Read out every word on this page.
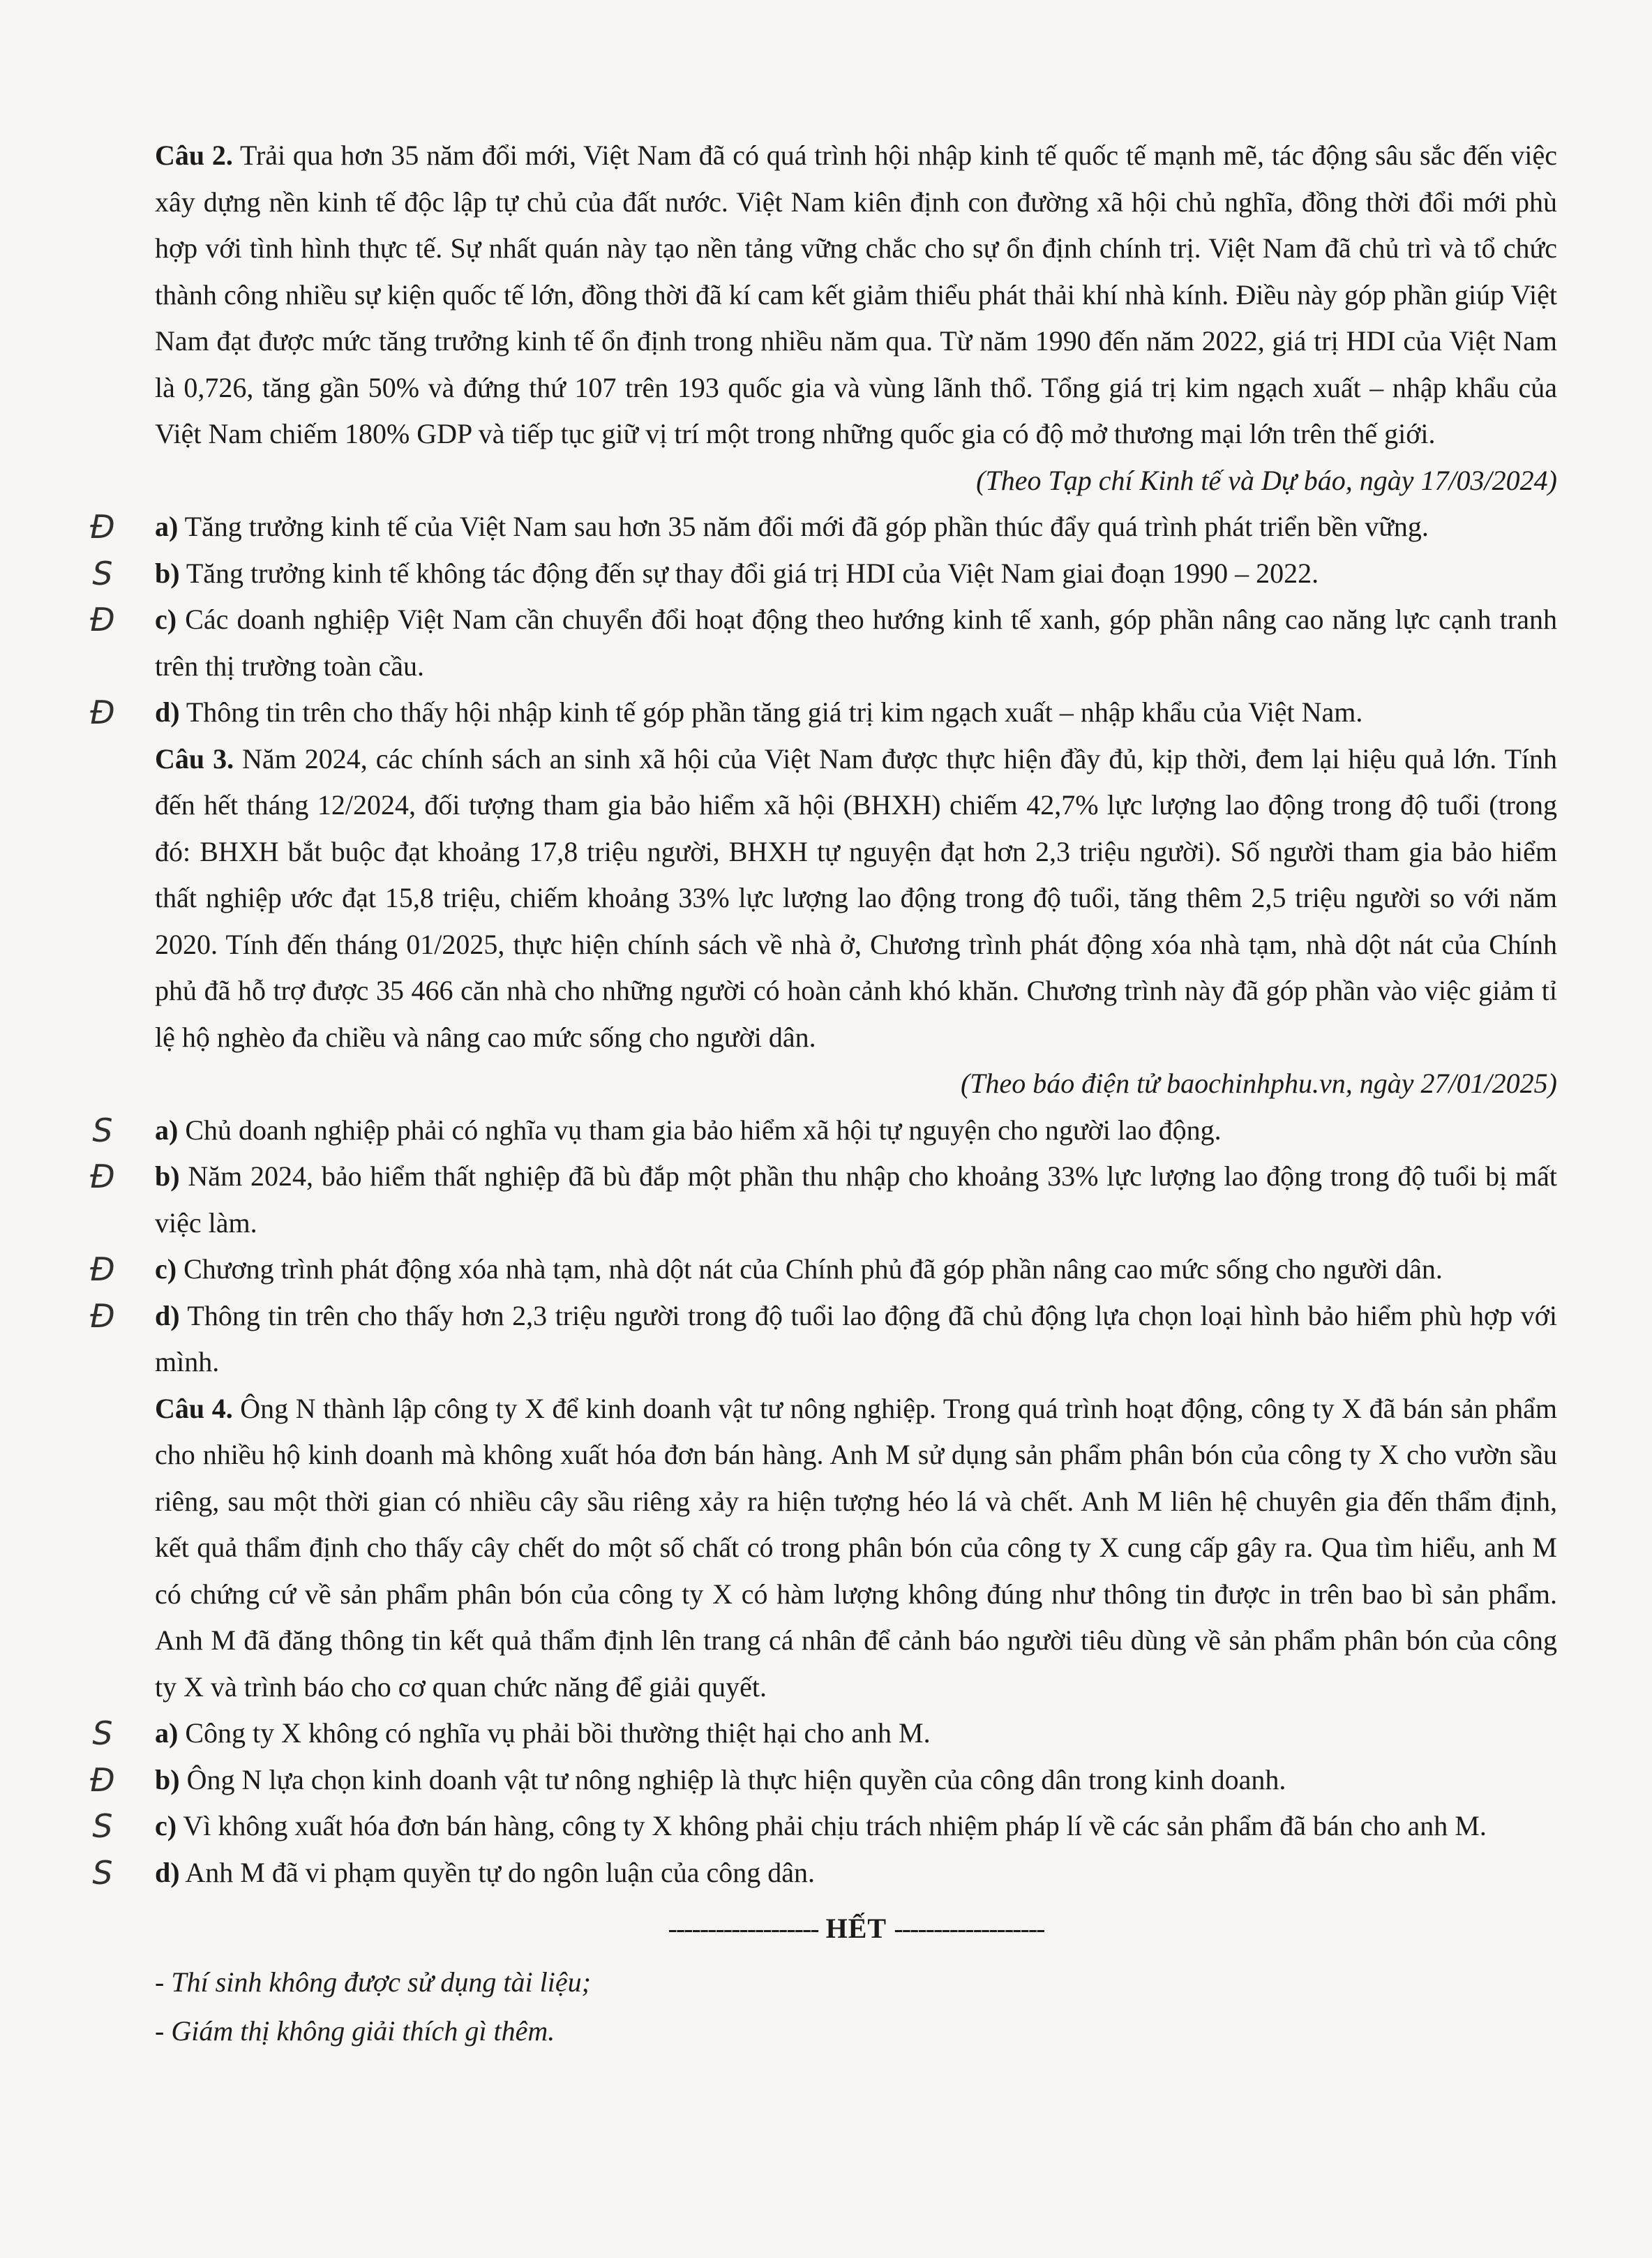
Câu 2. Trải qua hơn 35 năm đổi mới, Việt Nam đã có quá trình hội nhập kinh tế quốc tế mạnh mẽ, tác động sâu sắc đến việc xây dựng nền kinh tế độc lập tự chủ của đất nước. Việt Nam kiên định con đường xã hội chủ nghĩa, đồng thời đổi mới phù hợp với tình hình thực tế. Sự nhất quán này tạo nền tảng vững chắc cho sự ổn định chính trị. Việt Nam đã chủ trì và tổ chức thành công nhiều sự kiện quốc tế lớn, đồng thời đã kí cam kết giảm thiểu phát thải khí nhà kính. Điều này góp phần giúp Việt Nam đạt được mức tăng trưởng kinh tế ổn định trong nhiều năm qua. Từ năm 1990 đến năm 2022, giá trị HDI của Việt Nam là 0,726, tăng gần 50% và đứng thứ 107 trên 193 quốc gia và vùng lãnh thổ. Tổng giá trị kim ngạch xuất – nhập khẩu của Việt Nam chiếm 180% GDP và tiếp tục giữ vị trí một trong những quốc gia có độ mở thương mại lớn trên thế giới.

(Theo Tạp chí Kinh tế và Dự báo, ngày 17/03/2024)

Đ	a) Tăng trưởng kinh tế của Việt Nam sau hơn 35 năm đổi mới đã góp phần thúc đẩy quá trình phát triển bền vững.

S	b) Tăng trưởng kinh tế không tác động đến sự thay đổi giá trị HDI của Việt Nam giai đoạn 1990 – 2022.

Đ	c) Các doanh nghiệp Việt Nam cần chuyển đổi hoạt động theo hướng kinh tế xanh, góp phần nâng cao năng lực cạnh tranh trên thị trường toàn cầu.

Đ	d) Thông tin trên cho thấy hội nhập kinh tế góp phần tăng giá trị kim ngạch xuất – nhập khẩu của Việt Nam.

Câu 3. Năm 2024, các chính sách an sinh xã hội của Việt Nam được thực hiện đầy đủ, kịp thời, đem lại hiệu quả lớn. Tính đến hết tháng 12/2024, đối tượng tham gia bảo hiểm xã hội (BHXH) chiếm 42,7% lực lượng lao động trong độ tuổi (trong đó: BHXH bắt buộc đạt khoảng 17,8 triệu người, BHXH tự nguyện đạt hơn 2,3 triệu người). Số người tham gia bảo hiểm thất nghiệp ước đạt 15,8 triệu, chiếm khoảng 33% lực lượng lao động trong độ tuổi, tăng thêm 2,5 triệu người so với năm 2020. Tính đến tháng 01/2025, thực hiện chính sách về nhà ở, Chương trình phát động xóa nhà tạm, nhà dột nát của Chính phủ đã hỗ trợ được 35 466 căn nhà cho những người có hoàn cảnh khó khăn. Chương trình này đã góp phần vào việc giảm tỉ lệ hộ nghèo đa chiều và nâng cao mức sống cho người dân.

(Theo báo điện tử baochinhphu.vn, ngày 27/01/2025)

S	a) Chủ doanh nghiệp phải có nghĩa vụ tham gia bảo hiểm xã hội tự nguyện cho người lao động.

Đ	b) Năm 2024, bảo hiểm thất nghiệp đã bù đắp một phần thu nhập cho khoảng 33% lực lượng lao động trong độ tuổi bị mất việc làm.

Đ	c) Chương trình phát động xóa nhà tạm, nhà dột nát của Chính phủ đã góp phần nâng cao mức sống cho người dân.

Đ	d) Thông tin trên cho thấy hơn 2,3 triệu người trong độ tuổi lao động đã chủ động lựa chọn loại hình bảo hiểm phù hợp với mình.

Câu 4. Ông N thành lập công ty X để kinh doanh vật tư nông nghiệp. Trong quá trình hoạt động, công ty X đã bán sản phẩm cho nhiều hộ kinh doanh mà không xuất hóa đơn bán hàng. Anh M sử dụng sản phẩm phân bón của công ty X cho vườn sầu riêng, sau một thời gian có nhiều cây sầu riêng xảy ra hiện tượng héo lá và chết. Anh M liên hệ chuyên gia đến thẩm định, kết quả thẩm định cho thấy cây chết do một số chất có trong phân bón của công ty X cung cấp gây ra. Qua tìm hiểu, anh M có chứng cứ về sản phẩm phân bón của công ty X có hàm lượng không đúng như thông tin được in trên bao bì sản phẩm. Anh M đã đăng thông tin kết quả thẩm định lên trang cá nhân để cảnh báo người tiêu dùng về sản phẩm phân bón của công ty X và trình báo cho cơ quan chức năng để giải quyết.

S	a) Công ty X không có nghĩa vụ phải bồi thường thiệt hại cho anh M.

Đ	b) Ông N lựa chọn kinh doanh vật tư nông nghiệp là thực hiện quyền của công dân trong kinh doanh.

S	c) Vì không xuất hóa đơn bán hàng, công ty X không phải chịu trách nhiệm pháp lí về các sản phẩm đã bán cho anh M.

S	d) Anh M đã vi phạm quyền tự do ngôn luận của công dân.

------------------- HẾT -------------------

- Thí sinh không được sử dụng tài liệu;
- Giám thị không giải thích gì thêm.
